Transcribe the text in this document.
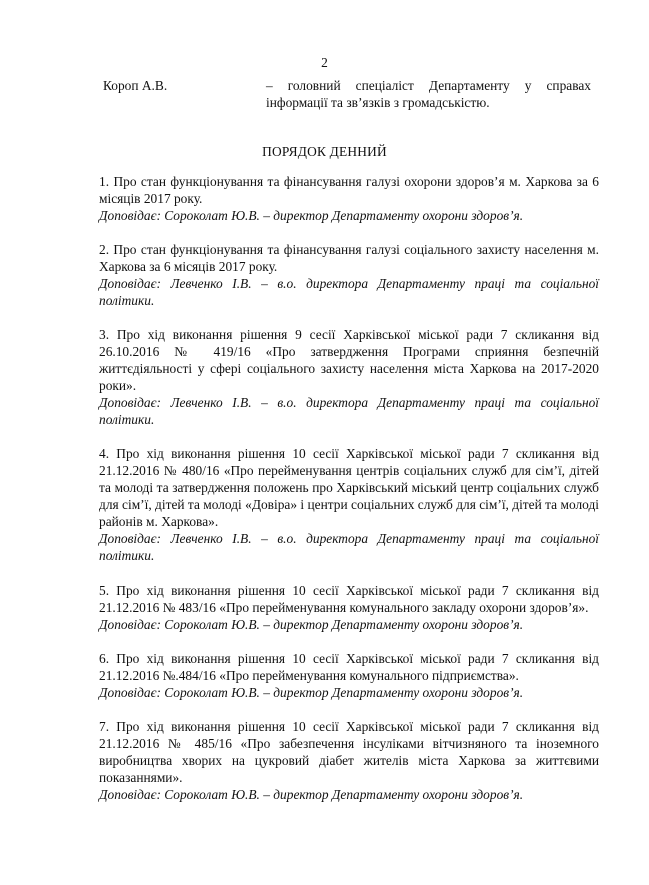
2
Короп А.В.	– головний спеціаліст Департаменту у справах інформації та зв’язків з громадськістю.
ПОРЯДОК ДЕННИЙ
1. Про стан функціонування та фінансування галузі охорони здоров’я м. Харкова за 6 місяців 2017 року.
Доповідає: Сороколат Ю.В. – директор Департаменту охорони здоров’я.
2. Про стан функціонування та фінансування галузі соціального захисту населення м. Харкова за 6 місяців 2017 року.
Доповідає: Левченко І.В. – в.о. директора Департаменту праці та соціальної політики.
3. Про хід виконання рішення 9 сесії Харківської міської ради 7 скликання від 26.10.2016 № 419/16 «Про затвердження Програми сприяння безпечній життєдіяльності у сфері соціального захисту населення міста Харкова на 2017-2020 роки».
Доповідає: Левченко І.В. – в.о. директора Департаменту праці та соціальної політики.
4. Про хід виконання рішення 10 сесії Харківської міської ради 7 скликання від 21.12.2016 № 480/16 «Про перейменування центрів соціальних служб для сім’ї, дітей та молоді та затвердження положень про Харківський міський центр соціальних служб для сім’ї, дітей та молоді «Довіра» і центри соціальних служб для сім’ї, дітей та молоді районів м. Харкова».
Доповідає: Левченко І.В. – в.о. директора Департаменту праці та соціальної політики.
5. Про хід виконання рішення 10 сесії Харківської міської ради 7 скликання від 21.12.2016 № 483/16 «Про перейменування комунального закладу охорони здоров’я».
Доповідає: Сороколат Ю.В. – директор Департаменту охорони здоров’я.
6. Про хід виконання рішення 10 сесії Харківської міської ради 7 скликання від 21.12.2016 №.484/16 «Про перейменування комунального підприємства».
Доповідає: Сороколат Ю.В. – директор Департаменту охорони здоров’я.
7. Про хід виконання рішення 10 сесії Харківської міської ради 7 скликання від 21.12.2016 № 485/16 «Про забезпечення інсуліками вітчизняного та іноземного виробництва хворих на цукровий діабет жителів міста Харкова за життєвими показаннями».
Доповідає: Сороколат Ю.В. – директор Департаменту охорони здоров’я.
